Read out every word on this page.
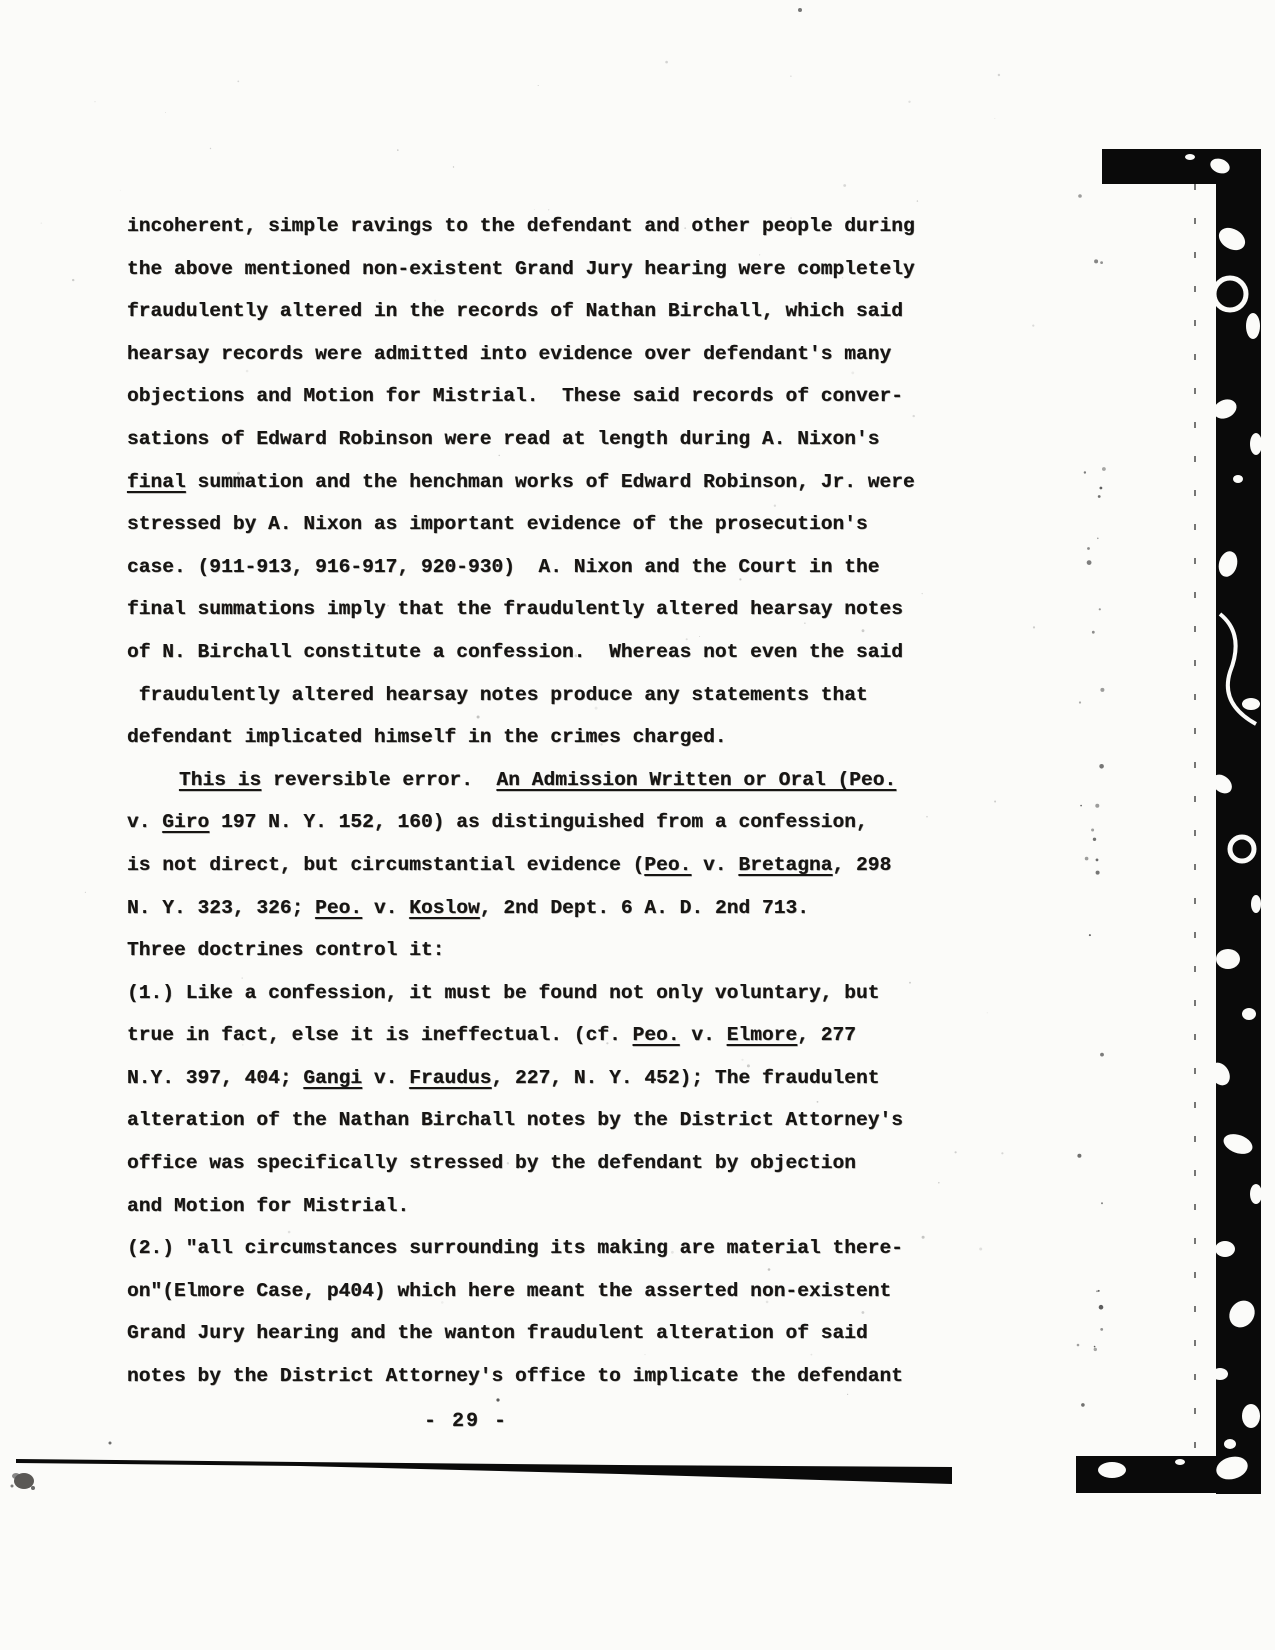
incoherent, simple ravings to the defendant and other people during
the above mentioned non-existent Grand Jury hearing were completely
fraudulently altered in the records of Nathan Birchall, which said
hearsay records were admitted into evidence over defendant's many
objections and Motion for Mistrial.  These said records of conver-
sations of Edward Robinson were read at length during A. Nixon's
final summation and the henchman works of Edward Robinson, Jr. were
stressed by A. Nixon as important evidence of the prosecution's
case. (911-913, 916-917, 920-930)  A. Nixon and the Court in the
final summations imply that the fraudulently altered hearsay notes
of N. Birchall constitute a confession.  Whereas not even the said
fraudulently altered hearsay notes produce any statements that
defendant implicated himself in the crimes charged.
This is reversible error.  An Admission Written or Oral (Peo.
v. Giro 197 N. Y. 152, 160) as distinguished from a confession,
is not direct, but circumstantial evidence (Peo. v. Bretagna, 298
N. Y. 323, 326; Peo. v. Koslow, 2nd Dept. 6 A. D. 2nd 713.
Three doctrines control it:
(1.) Like a confession, it must be found not only voluntary, but
true in fact, else it is ineffectual. (cf. Peo. v. Elmore, 277
N.Y. 397, 404; Gangi v. Fraudus, 227, N. Y. 452); The fraudulent
alteration of the Nathan Birchall notes by the District Attorney's
office was specifically stressed by the defendant by objection
and Motion for Mistrial.
(2.) "all circumstances surrounding its making are material there-
on"(Elmore Case, p404) which here meant the asserted non-existent
Grand Jury hearing and the wanton fraudulent alteration of said
notes by the District Attorney's office to implicate the defendant
- 29 -
